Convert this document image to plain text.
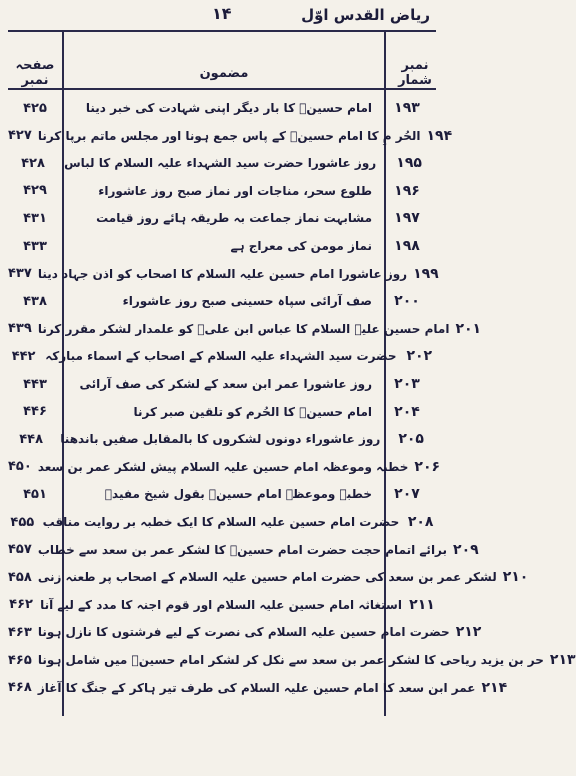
ریاض القدس اوّل
۱۴
نمبر شمار
مضمون
صفحہ نمبر
۴۲۵	امام حسینؑ کا بار دیگر اپنی شہادت کی خبر دینا	۱۹۳
۴۲۷ الحُر مِ کا امام حسینؑ کے پاس جمع ہونا اور مجلس ماتم برپا کرنا ۱۹۴
۴۲۸	روز عاشورا حضرت سید الشہداء علیہ السلام کا لباس	۱۹۵
۴۲۹	طلوع سحر، مناجات اور نماز صبح روز عاشوراء	۱۹۶
۴۳۱	مشابہت نماز جماعت بہ طریقہ ہائے روز قیامت	۱۹۷
۴۳۳	نماز مومن کی معراج ہے	۱۹۸
۴۳۷ روز عاشورا امام حسین علیہ السلام کا اصحاب کو اذن جہاد دینا ۱۹۹
۴۳۸	صف آرائی سپاہ حسینی صبح روز عاشوراء	۲۰۰
۴۳۹ امام حسین علیہ السلام کا عباس ابن علیؑ کو علمدار لشکر مقرر کرنا ۲۰۱
۴۴۲ حضرت سید الشہداء علیہ السلام کے اصحاب کے اسماء مبارکہ ۲۰۲
۴۴۳	روز عاشورا عمر ابن سعد کے لشکر کی صف آرائی	۲۰۳
۴۴۶	امام حسینؑ کا الحُرم کو تلقین صبر کرنا	۲۰۴
۴۴۸	روز عاشوراء دونوں لشکروں کا بالمقابل صفیں باندھنا	۲۰۵
۴۵۰ خطبہ وموعظہ امام حسین علیہ السلام پیش لشکر عمر بن سعد ۲۰۶
۴۵۱	خطبہ وموعظہ امام حسینؑ بقول شیخ مفیدؒ	۲۰۷
۴۵۵ حضرت امام حسین علیہ السلام کا ایک خطبہ بر روایت مناقب ۲۰۸
۴۵۷ برائے اتمام حجت حضرت امام حسینؑ کا لشکر عمر بن سعد سے خطاب ۲۰۹
۴۵۸ لشکر عمر بن سعد کی حضرت امام حسین علیہ السلام کے اصحاب پر طعنہ زنی ۲۱۰
۴۶۲ استغاثہ امام حسین علیہ السلام اور قوم اجنہ کا مدد کے لیے آنا ۲۱۱
۴۶۳ حضرت امام حسین علیہ السلام کی نصرت کے لیے فرشتوں کا نازل ہونا ۲۱۲
۴۶۵ حر بن یزید ریاحی کا لشکر عمر بن سعد سے نکل کر لشکر امام حسینؑ میں شامل ہونا ۲۱۳
۴۶۸ عمر ابن سعد کا امام حسین علیہ السلام کی طرف تیر ہاکر کے جنگ کا آغاز ۲۱۴
